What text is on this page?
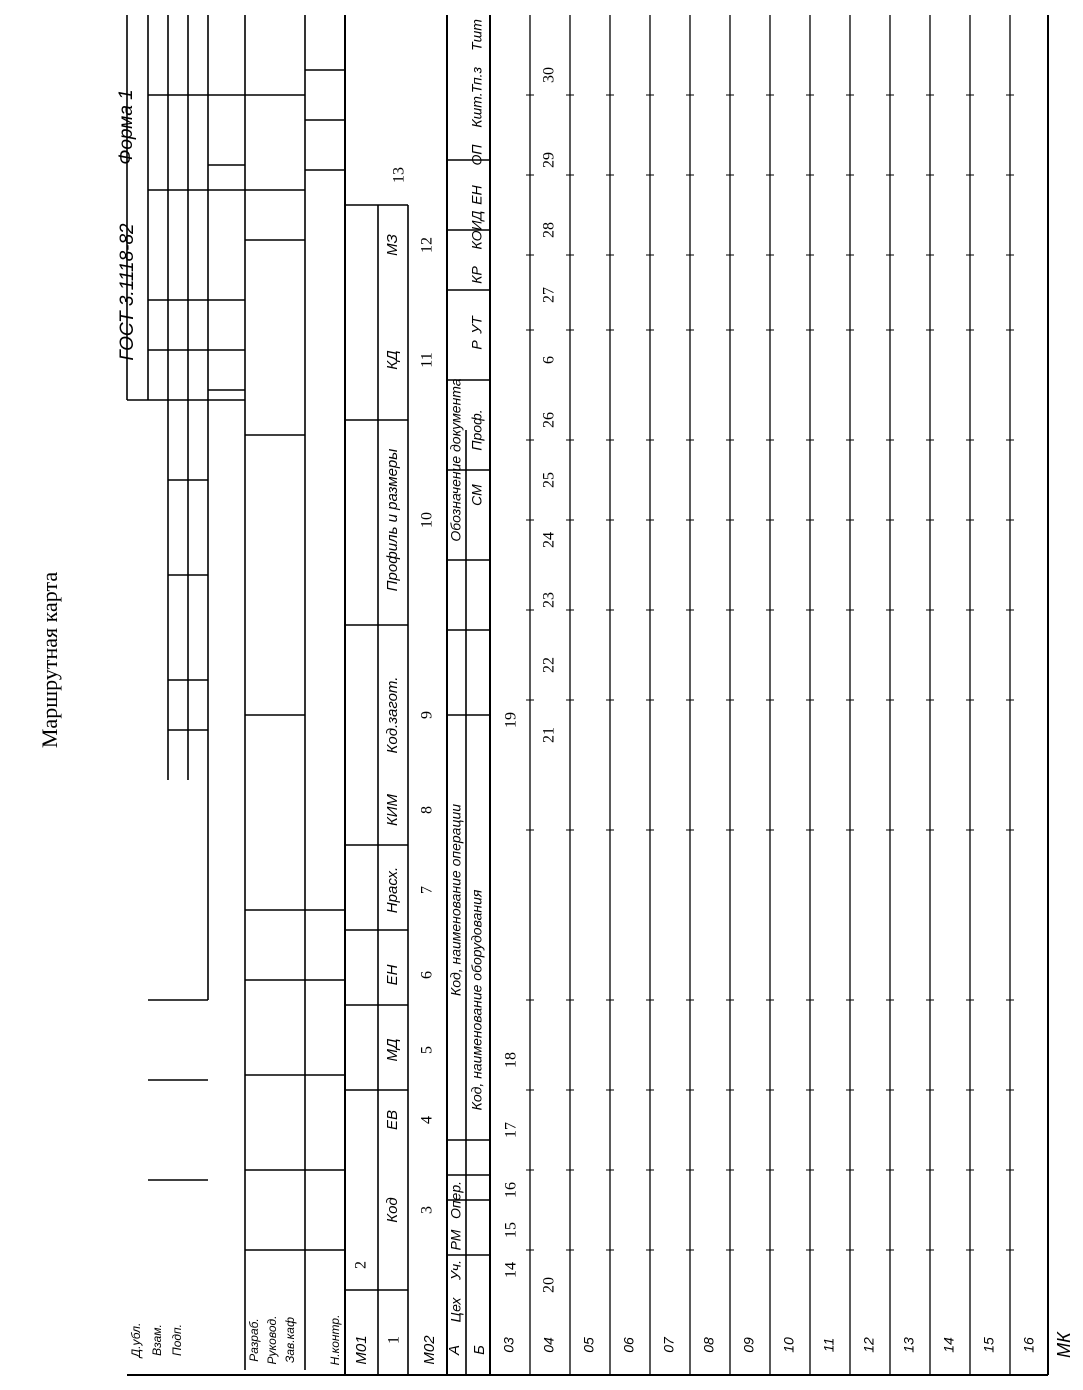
Маршрутная карта
ГОСТ 3.1118-82
Форма 1
Д.убл. Взам. Подп.	Разраб. Руковод. Зав.каф	Н.контр. М01
2
Код
ЕВ
МД
ЕН
Нрасх.
КИМ
Код.загот.
Профиль и размеры
КД
МЗ
3
4
5
6
7
8
9
10
11
12
1
13
М02 А Б
Цех
Уч.
РМ
Опер.
Код, наименование операции
Обозначение документа
Код, наименование оборудования
СМ
Проф.
Р
УТ
КР
КОИД
ЕН
ОП
Кшт.
Тп.з
Тшт
14
15
16
17
18
19
20
21
22
23
24
25
26
6
27
28
29
30
03 04 05 06 07 08 09 10 11 12 13 14 15 16 МК
